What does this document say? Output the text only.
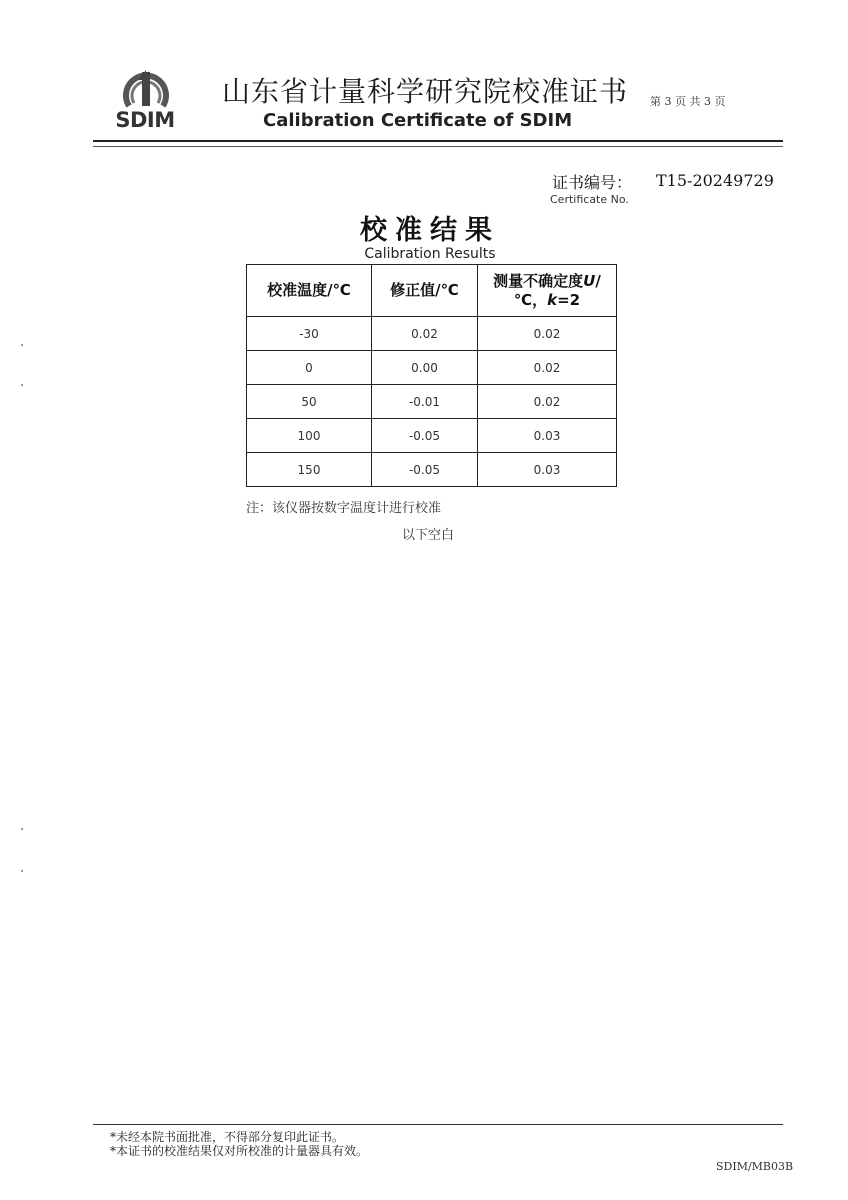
SDIM
山东省计量科学研究院校准证书 第 3 页 共 3 页
Calibration Certificate of SDIM
证书编号： T15-20249729
Certificate No.
校准结果
Calibration Results
校准温度/℃	修正值/℃	测量不确定度U/℃，k=2
-30	0.02	0.02
0	0.00	0.02
50	-0.01	0.02
100	-0.05	0.03
150	-0.05	0.03
注：该仪器按数字温度计进行校准
以下空白
*未经本院书面批准，不得部分复印此证书。
*本证书的校准结果仅对所校准的计量器具有效。
SDIM/MB03B
